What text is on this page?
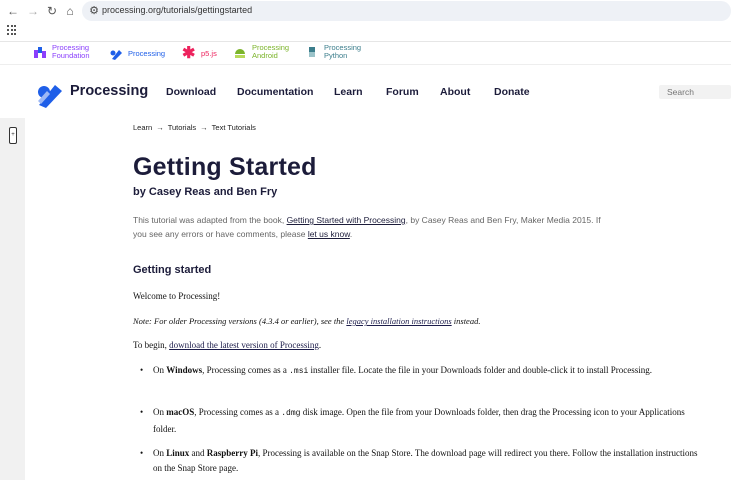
← → ↻ ⌂	⚙ processing.org/tutorials/gettingstarted
Processing
Foundation	Processing ✱ p5.js
Processing
Android
Processing
Python
Processing Download Documentation Learn Forum About Donate
Search
+
Learn → Tutorials → Text Tutorials
Getting Started
by Casey Reas and Ben Fry
This tutorial was adapted from the book, Getting Started with Processing, by Casey Reas and Ben Fry, Maker Media 2015. If you see any errors or have comments, please let us know.
Getting started
Welcome to Processing!
Note: For older Processing versions (4.3.4 or earlier), see the legacy installation instructions instead.
To begin, download the latest version of Processing.
•	On Windows, Processing comes as a .msi installer file. Locate the file in your Downloads folder and double-click it to install Processing.
•	On macOS, Processing comes as a .dmg disk image. Open the file from your Downloads folder, then drag the Processing icon to your Applications folder.
•	On Linux and Raspberry Pi, Processing is available on the Snap Store. The download page will redirect you there. Follow the installation instructions on the Snap Store page.
